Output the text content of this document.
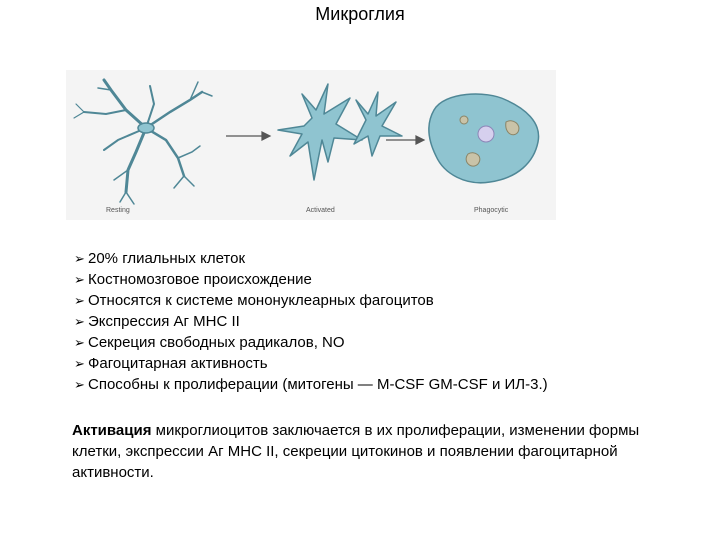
Микроглия
Resting	Activated	Phagocytic
➢ 20% глиальных клеток
➢ Костномозговое происхождение
➢ Относятся к системе мононуклеарных фагоцитов
➢ Экспрессия Аг MHC II
➢ Секреция свободных радикалов, NO
➢ Фагоцитарная активность
➢ Способны к пролиферации (митогены — M-CSF GM-CSF и ИЛ-3.)

Активация микроглиоцитов заключается в их пролиферации, изменении формы клетки, экспрессии Аг MHC II, секреции цитокинов и появлении фагоцитарной активности.
